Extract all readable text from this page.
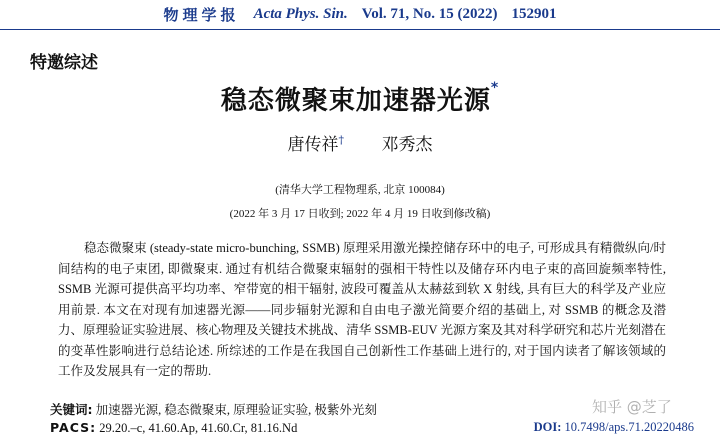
物理学报 Acta Phys. Sin. Vol. 71, No. 15 (2022) 152901
特邀综述
稳态微聚束加速器光源*
唐传祥† 邓秀杰
(清华大学工程物理系, 北京 100084)
(2022 年 3 月 17 日收到; 2022 年 4 月 19 日收到修改稿)

稳态微聚束 (steady-state micro-bunching, SSMB) 原理采用激光操控储存环中的电子, 可形成具有精微纵向/时间结构的电子束团, 即微聚束. 通过有机结合微聚束辐射的强相干特性以及储存环内电子束的高回旋频率特性, SSMB 光源可提供高平均功率、窄带宽的相干辐射, 波段可覆盖从太赫兹到软 X 射线, 具有巨大的科学及产业应用前景. 本文在对现有加速器光源——同步辐射光源和自由电子激光简要介绍的基础上, 对 SSMB 的概念及潜力、原理验证实验进展、核心物理及关键技术挑战、清华 SSMB-EUV 光源方案及其对科学研究和芯片光刻潜在的变革性影响进行总结论述. 所综述的工作是在我国自己创新性工作基础上进行的, 对于国内读者了解该领域的工作及发展具有一定的帮助.

关键词: 加速器光源, 稳态微聚束, 原理验证实验, 极紫外光刻
PACS: 29.20.–c, 41.60.Ap, 41.60.Cr, 81.16.Nd	DOI: 10.7498/aps.71.20220486
知乎 @芝了
